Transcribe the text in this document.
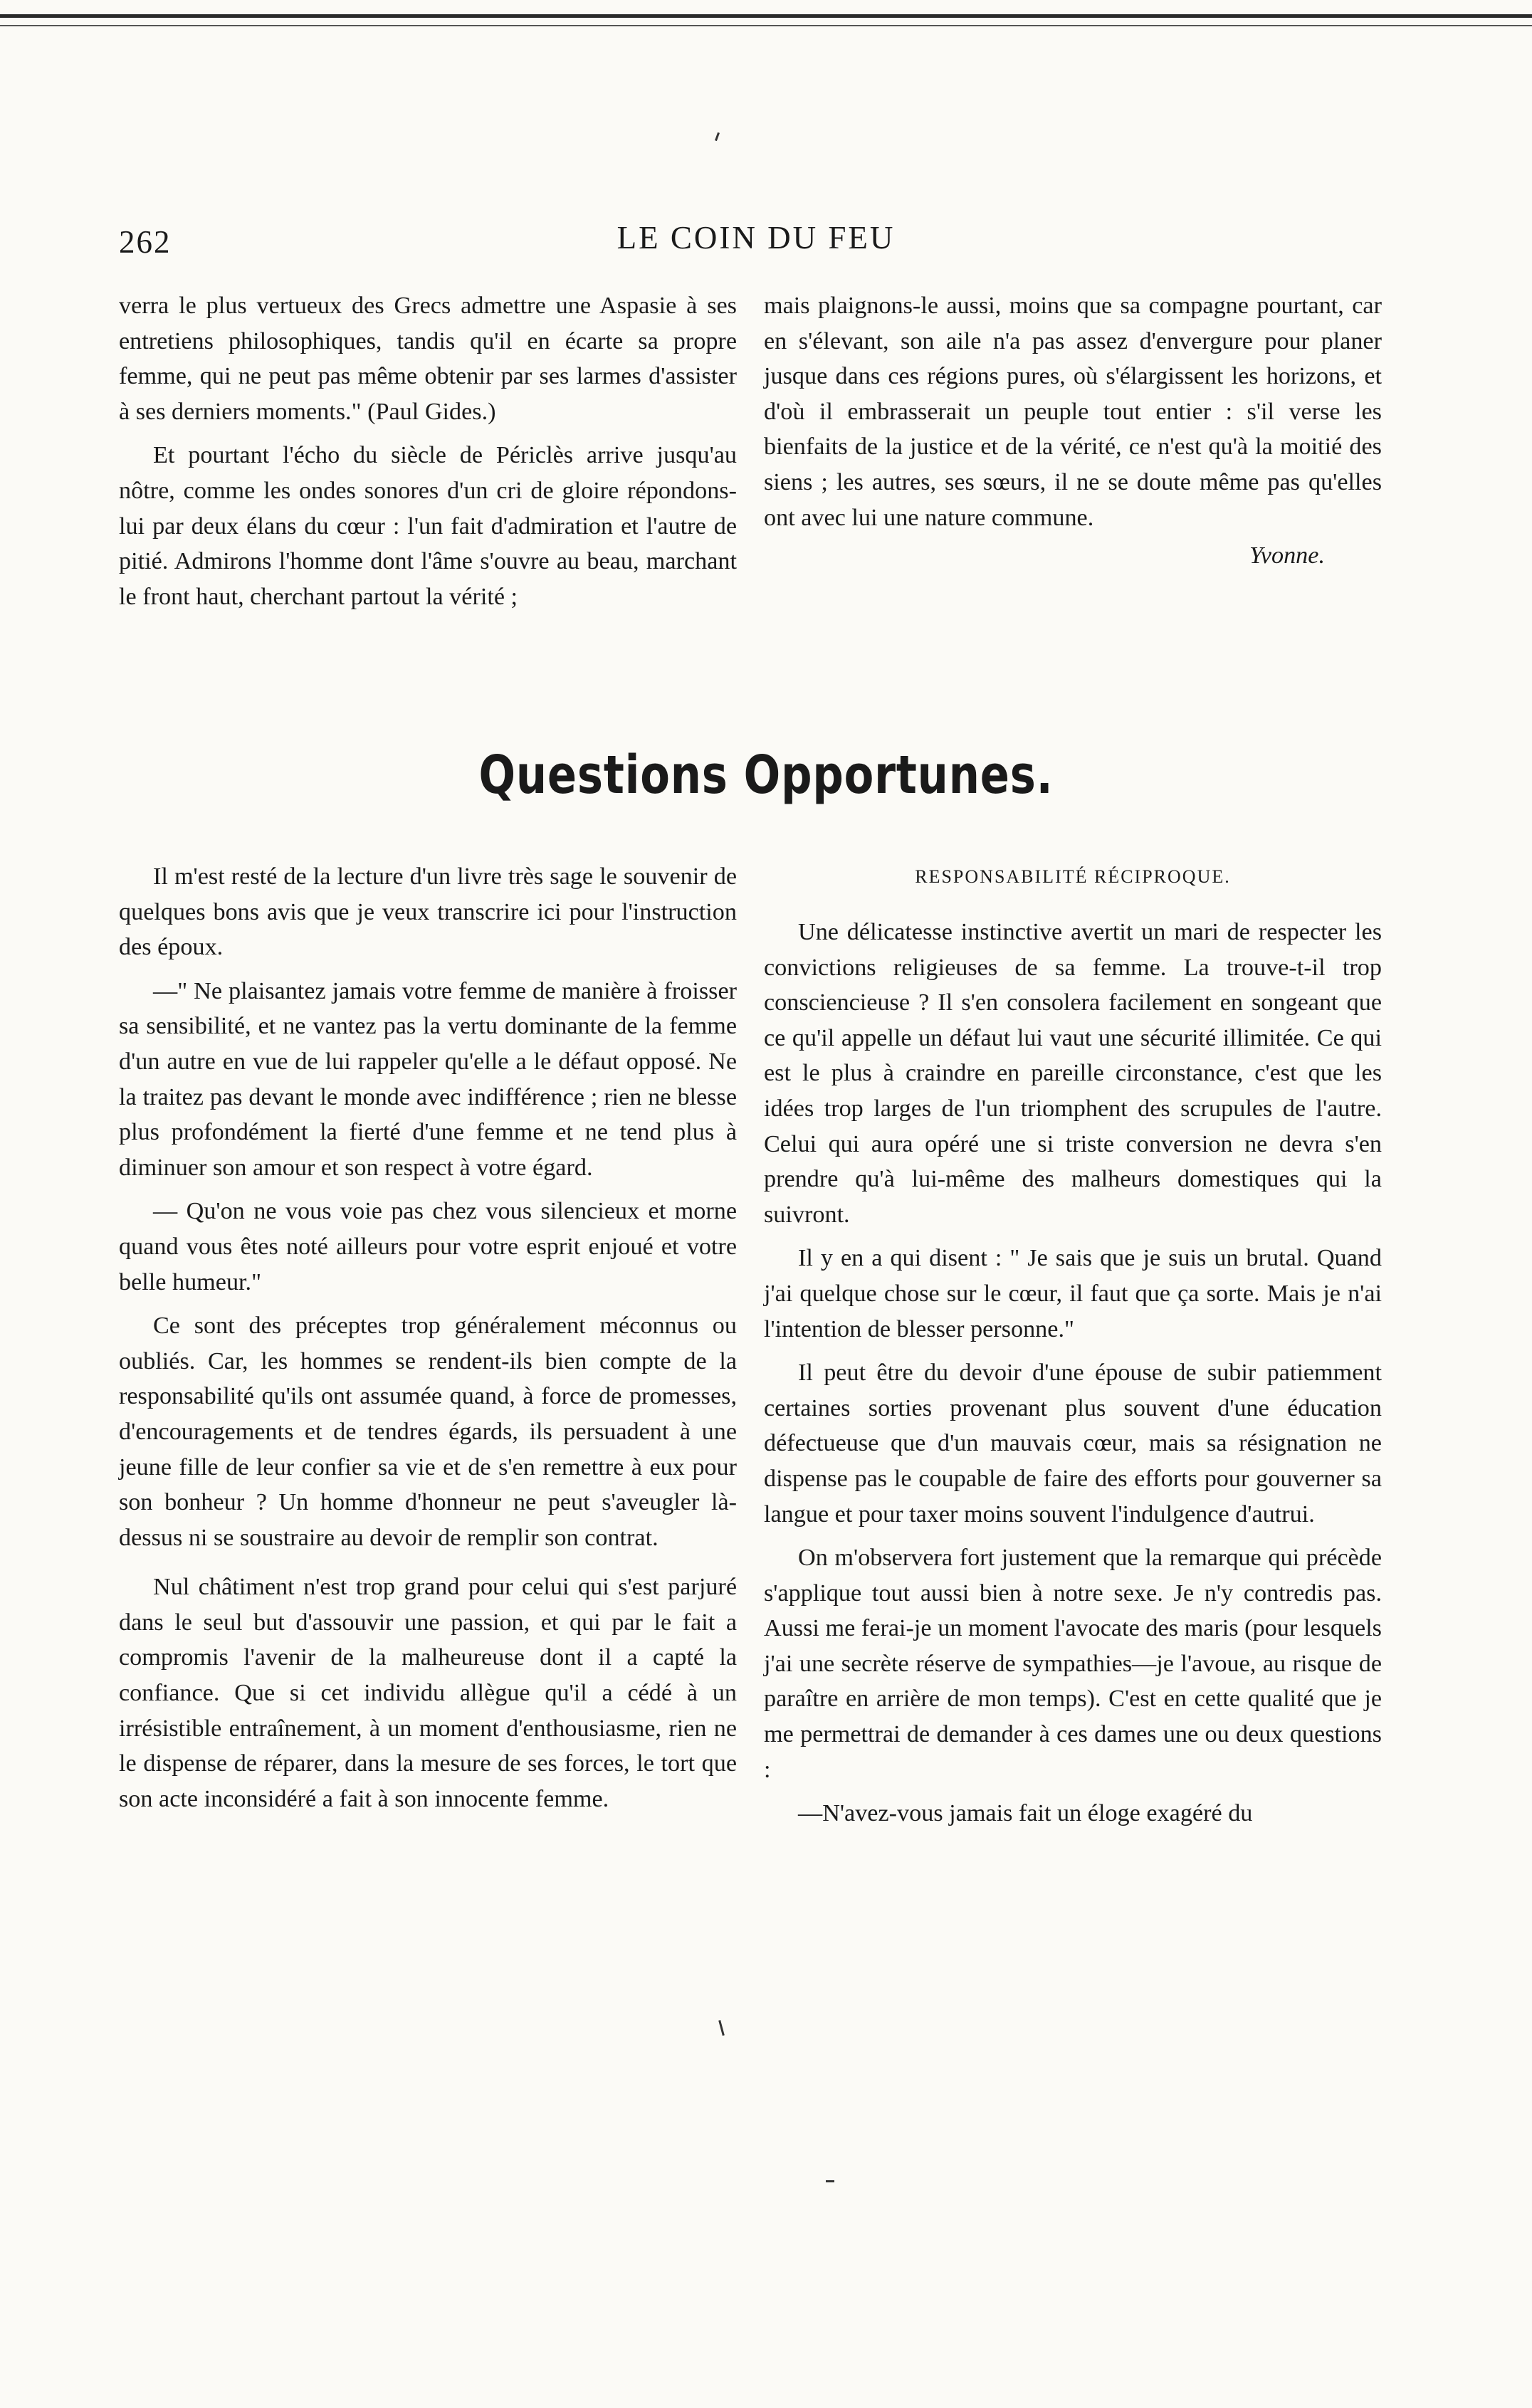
262	LE COIN DU FEU

verra le plus vertueux des Grecs admettre une Aspasie à ses entretiens philosophiques, tandis qu'il en écarte sa propre femme, qui ne peut pas même obtenir par ses larmes d'assister à ses derniers moments." (Paul Gides.)

Et pourtant l'écho du siècle de Périclès arrive jusqu'au nôtre, comme les ondes sonores d'un cri de gloire répondons-lui par deux élans du cœur : l'un fait d'admiration et l'autre de pitié. Admirons l'homme dont l'âme s'ouvre au beau, marchant le front haut, cherchant partout la vérité ;

mais plaignons-le aussi, moins que sa compagne pourtant, car en s'élevant, son aile n'a pas assez d'envergure pour planer jusque dans ces régions pures, où s'élargissent les horizons, et d'où il embrasserait un peuple tout entier : s'il verse les bienfaits de la justice et de la vérité, ce n'est qu'à la moitié des siens ; les autres, ses sœurs, il ne se doute même pas qu'elles ont avec lui une nature commune.

Yvonne.
Questions Opportunes.

Il m'est resté de la lecture d'un livre très sage le souvenir de quelques bons avis que je veux transcrire ici pour l'instruction des époux.

—" Ne plaisantez jamais votre femme de manière à froisser sa sensibilité, et ne vantez pas la vertu dominante de la femme d'un autre en vue de lui rappeler qu'elle a le défaut opposé. Ne la traitez pas devant le monde avec indifférence ; rien ne blesse plus profondément la fierté d'une femme et ne tend plus à diminuer son amour et son respect à votre égard.

— Qu'on ne vous voie pas chez vous silencieux et morne quand vous êtes noté ailleurs pour votre esprit enjoué et votre belle humeur."

Ce sont des préceptes trop généralement méconnus ou oubliés. Car, les hommes se rendent-ils bien compte de la responsabilité qu'ils ont assumée quand, à force de promesses, d'encouragements et de tendres égards, ils persuadent à une jeune fille de leur confier sa vie et de s'en remettre à eux pour son bonheur ? Un homme d'honneur ne peut s'aveugler là-dessus ni se soustraire au devoir de remplir son contrat.

Nul châtiment n'est trop grand pour celui qui s'est parjuré dans le seul but d'assouvir une passion, et qui par le fait a compromis l'avenir de la malheureuse dont il a capté la confiance. Que si cet individu allègue qu'il a cédé à un irrésistible entraînement, à un moment d'enthousiasme, rien ne le dispense de réparer, dans la mesure de ses forces, le tort que son acte inconsidéré a fait à son innocente femme.

RESPONSABILITÉ RÉCIPROQUE.

Une délicatesse instinctive avertit un mari de respecter les convictions religieuses de sa femme. La trouve-t-il trop consciencieuse ? Il s'en consolera facilement en songeant que ce qu'il appelle un défaut lui vaut une sécurité illimitée. Ce qui est le plus à craindre en pareille circonstance, c'est que les idées trop larges de l'un triomphent des scrupules de l'autre. Celui qui aura opéré une si triste conversion ne devra s'en prendre qu'à lui-même des malheurs domestiques qui la suivront.

Il y en a qui disent : " Je sais que je suis un brutal. Quand j'ai quelque chose sur le cœur, il faut que ça sorte. Mais je n'ai l'intention de blesser personne."

Il peut être du devoir d'une épouse de subir patiemment certaines sorties provenant plus souvent d'une éducation défectueuse que d'un mauvais cœur, mais sa résignation ne dispense pas le coupable de faire des efforts pour gouverner sa langue et pour taxer moins souvent l'indulgence d'autrui.

On m'observera fort justement que la remarque qui précède s'applique tout aussi bien à notre sexe. Je n'y contredis pas. Aussi me ferai-je un moment l'avocate des maris (pour lesquels j'ai une secrète réserve de sympathies—je l'avoue, au risque de paraître en arrière de mon temps). C'est en cette qualité que je me permettrai de demander à ces dames une ou deux questions :

—N'avez-vous jamais fait un éloge exagéré du
